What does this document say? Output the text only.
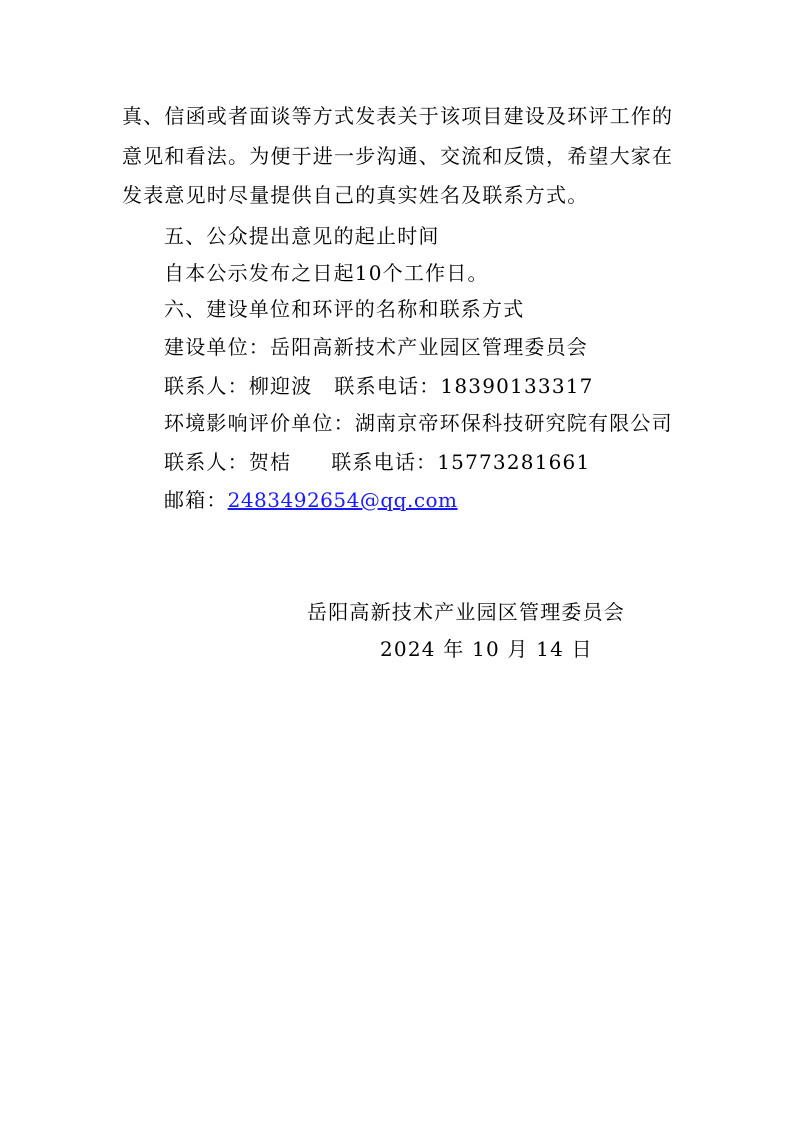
真、信函或者面谈等方式发表关于该项目建设及环评工作的
意见和看法。为便于进一步沟通、交流和反馈，希望大家在
发表意见时尽量提供自己的真实姓名及联系方式。
五、公众提出意见的起止时间
自本公示发布之日起10个工作日。
六、建设单位和环评的名称和联系方式
建设单位：岳阳高新技术产业园区管理委员会
联系人：柳迎波 联系电话：18390133317
环境影响评价单位：湖南京帝环保科技研究院有限公司
联系人：贺桔 联系电话：15773281661
邮箱：2483492654@qq.com
岳阳高新技术产业园区管理委员会
2024 年 10 月 14 日
